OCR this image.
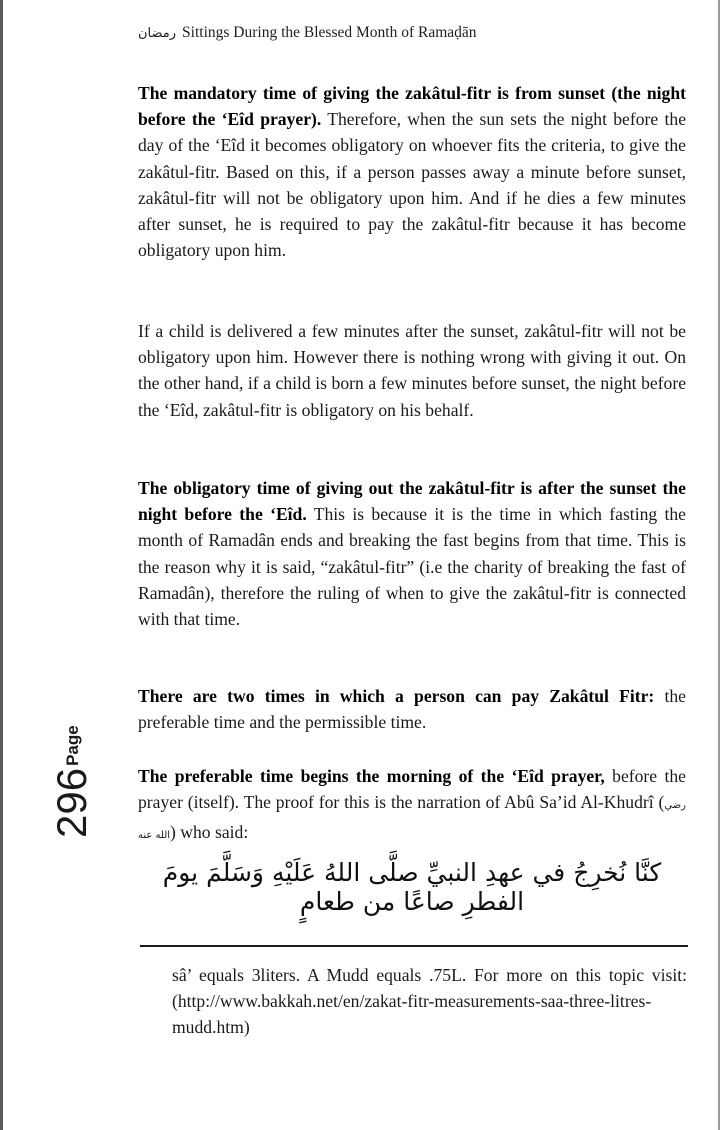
رمضان Sittings During the Blessed Month of Ramaḍān
296Page

The mandatory time of giving the zakâtul-fitr is from sunset (the night before the ‘Eîd prayer). Therefore, when the sun sets the night before the day of the ‘Eîd it becomes obligatory on whoever fits the criteria, to give the zakâtul-fitr. Based on this, if a person passes away a minute before sunset, zakâtul-fitr will not be obligatory upon him. And if he dies a few minutes after sunset, he is required to pay the zakâtul-fitr because it has become obligatory upon him.

If a child is delivered a few minutes after the sunset, zakâtul-fitr will not be obligatory upon him. However there is nothing wrong with giving it out. On the other hand, if a child is born a few minutes before sunset, the night before the ‘Eîd, zakâtul-fitr is obligatory on his behalf.

The obligatory time of giving out the zakâtul-fitr is after the sunset the night before the ‘Eîd. This is because it is the time in which fasting the month of Ramadân ends and breaking the fast begins from that time. This is the reason why it is said, “zakâtul-fitr” (i.e the charity of breaking the fast of Ramadân), therefore the ruling of when to give the zakâtul-fitr is connected with that time.

There are two times in which a person can pay Zakâtul Fitr: the preferable time and the permissible time.

The preferable time begins the morning of the ‘Eîd prayer, before the prayer (itself). The proof for this is the narration of Abû Sa’id Al-Khudrî (رضي الله عنه) who said:

كنَّا نُخرِجُ في عهدِ النبيِّ صلَّى اللهُ عَلَيْهِ وَسَلَّمَ يومَ الفطرِ صاعًا من طعامٍ
sâ’ equals 3liters. A Mudd equals .75L. For more on this topic visit: (http://www.bakkah.net/en/zakat-fitr-measurements-saa-three-litres-mudd.htm)
